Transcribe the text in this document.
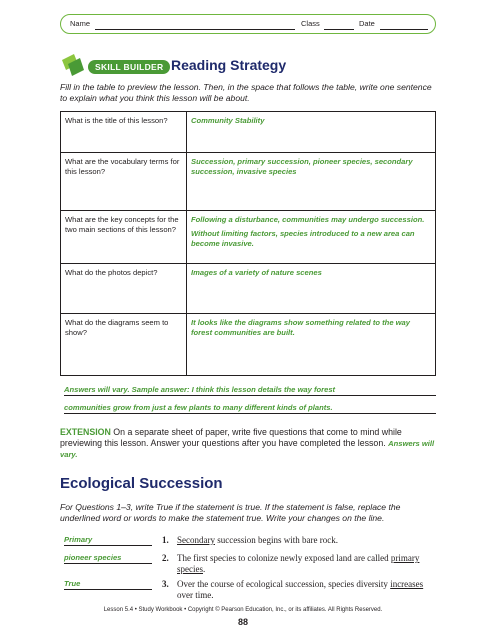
Name	Class	Date
SKILL BUILDER Reading Strategy
Fill in the table to preview the lesson. Then, in the space that follows the table, write one sentence to explain what you think this lesson will be about.
What is the title of this lesson?	Community Stability
What are the vocabulary terms for this lesson?	Succession, primary succession, pioneer species, secondary succession, invasive species
What are the key concepts for the two main sections of this lesson?	Following a disturbance, communities may undergo succession.
Without limiting factors, species introduced to a new area can become invasive.

What do the photos depict?	Images of a variety of nature scenes
What do the diagrams seem to show?	It looks like the diagrams show something related to the way forest communities are built.
Answers will vary. Sample answer: I think this lesson details the way forest
communities grow from just a few plants to many different kinds of plants.
EXTENSION On a separate sheet of paper, write five questions that come to mind while previewing this lesson. Answer your questions after you have completed the lesson. Answers will vary.
Ecological Succession
For Questions 1–3, write True if the statement is true. If the statement is false, replace the underlined word or words to make the statement true. Write your changes on the line.
Primary	1. Secondary succession begins with bare rock.
pioneer species	2. The first species to colonize newly exposed land are called primary species.
True	3. Over the course of ecological succession, species diversity increases over time.
Lesson 5.4 • Study Workbook • Copyright © Pearson Education, Inc., or its affiliates. All Rights Reserved.
88
